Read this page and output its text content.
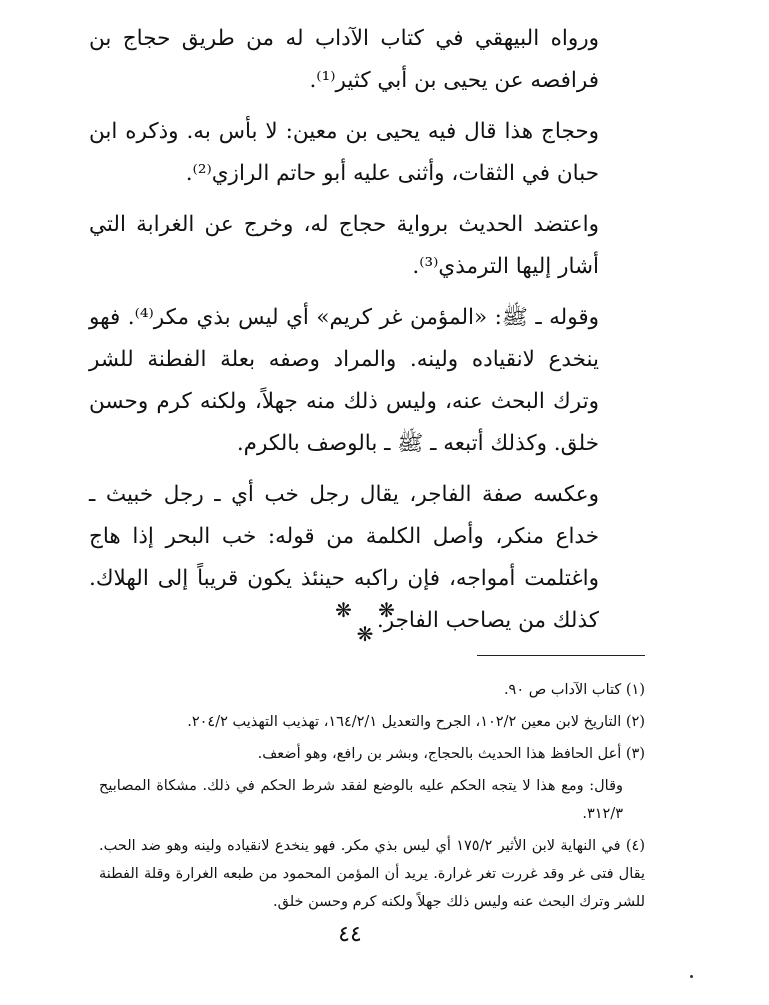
ورواه البيهقي في كتاب الآداب له من طريق حجاج بن فرافصه عن يحيى بن أبي كثير⁽¹⁾.

وحجاج هذا قال فيه يحيى بن معين: لا بأس به. وذكره ابن حبان في الثقات، وأثنى عليه أبو حاتم الرازي⁽²⁾.

واعتضد الحديث برواية حجاج له، وخرج عن الغرابة التي أشار إليها الترمذي⁽³⁾.

وقوله ـ ﷺ: «المؤمن غر كريم» أي ليس بذي مكر⁽⁴⁾. فهو ينخدع لانقياده ولينه. والمراد وصفه بعلة الفطنة للشر وترك البحث عنه، وليس ذلك منه جهلاً، ولكنه كرم وحسن خلق. وكذلك أتبعه ـ ﷺ ـ بالوصف بالكرم.

وعكسه صفة الفاجر، يقال رجل خب أي ـ رجل خبيث ـ خداع منكر، وأصل الكلمة من قوله: خب البحر إذا هاج واغتلمت أمواجه، فإن راكبه حينئذ يكون قريباً إلى الهلاك. كذلك من يصاحب الفاجر.

❋ ❋ ❋

(١) كتاب الآداب ص ٩٠.

(٢) التاريخ لابن معين ١٠٢/٢، الجرح والتعديل ١٦٤/٢/١، تهذيب التهذيب ٢٠٤/٢.

(٣) أعل الحافظ هذا الحديث بالحجاج، وبشر بن رافع، وهو أضعف.

وقال: ومع هذا لا يتجه الحكم عليه بالوضع لفقد شرط الحكم في ذلك. مشكاة المصابيح ٣١٢/٣.

(٤) في النهاية لابن الأثير ١٧٥/٢ أي ليس بذي مكر. فهو ينخدع لانقياده ولينه وهو ضد الحب. يقال فتى غر وقد غررت تغر غرارة. يريد أن المؤمن المحمود من طبعه الغرارة وقلة الفطنة للشر وترك البحث عنه وليس ذلك جهلاً ولكنه كرم وحسن خلق.

٤٤
